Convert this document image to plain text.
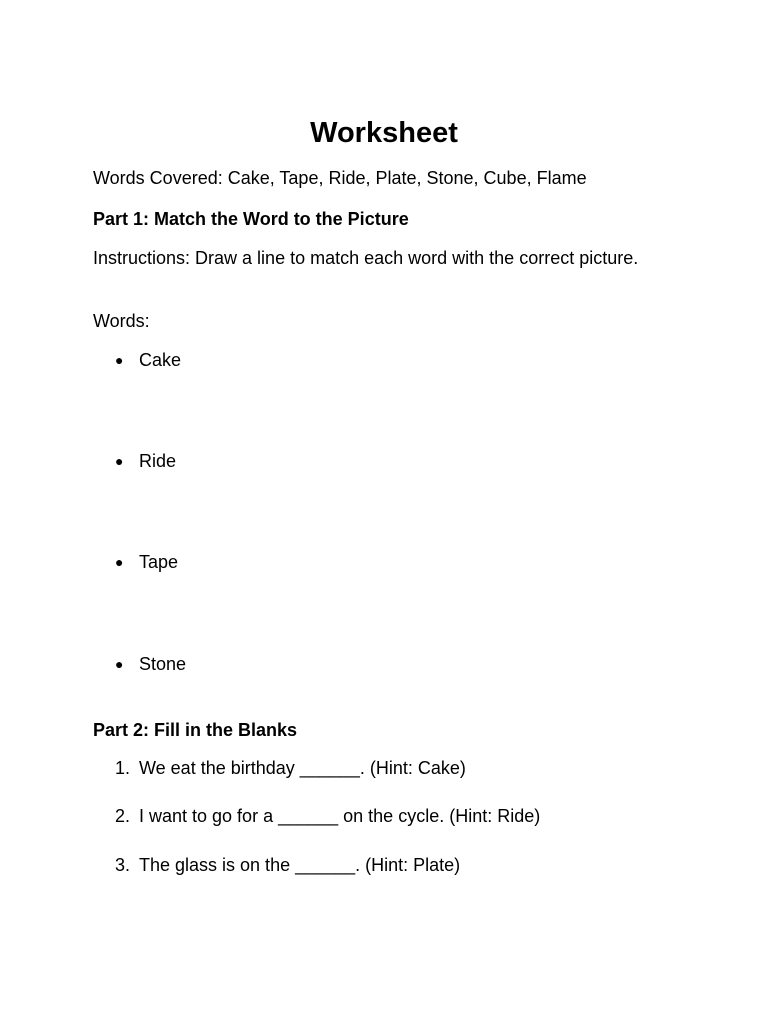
Worksheet
Words Covered: Cake, Tape, Ride, Plate, Stone, Cube, Flame
Part 1: Match the Word to the Picture
Instructions: Draw a line to match each word with the correct picture.
Words:
● Cake
● Ride
● Tape
● Stone
Part 2: Fill in the Blanks
1. We eat the birthday ______. (Hint: Cake)
2. I want to go for a ______ on the cycle. (Hint: Ride)
3. The glass is on the ______. (Hint: Plate)
